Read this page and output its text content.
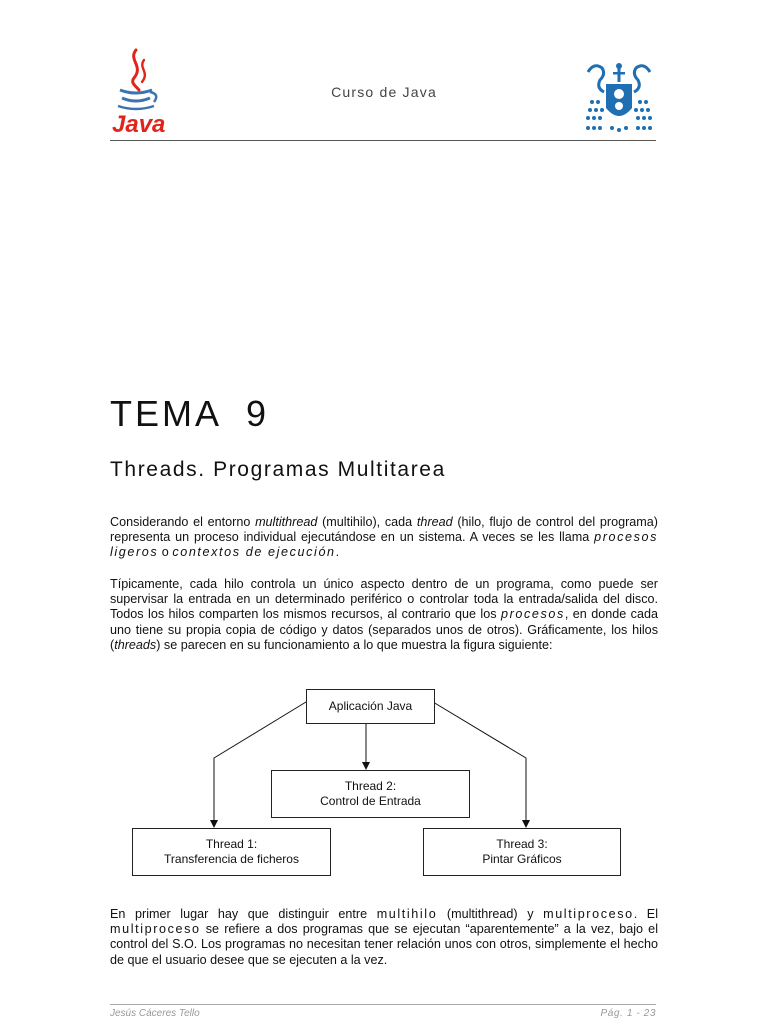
Java
Curso de Java
TEMA  9
Threads. Programas Multitarea
Considerando el entorno multithread (multihilo), cada thread (hilo, flujo de control del programa) representa un proceso individual ejecutándose en un sistema. A veces se les llama procesos ligeros o contextos de ejecución.
Típicamente, cada hilo controla un único aspecto dentro de un programa, como puede ser supervisar la entrada en un determinado periférico o controlar toda la entrada/salida del disco. Todos los hilos comparten los mismos recursos, al contrario que los procesos, en donde cada uno tiene su propia copia de código y datos (separados unos de otros). Gráficamente, los hilos (threads) se parecen en su funcionamiento a lo que muestra la figura siguiente:
Aplicación Java
Thread 2:
Control de Entrada
Thread 1:
Transferencia de ficheros
Thread 3:
Pintar Gráficos
En primer lugar hay que distinguir entre multihilo (multithread) y multiproceso. El multiproceso se refiere a dos programas que se ejecutan “aparentemente” a la vez, bajo el control del S.O. Los programas no necesitan tener relación unos con otros, simplemente el hecho de que el usuario desee que se ejecuten a la vez.
Jesús Cáceres Tello	Pág. 1 - 23
